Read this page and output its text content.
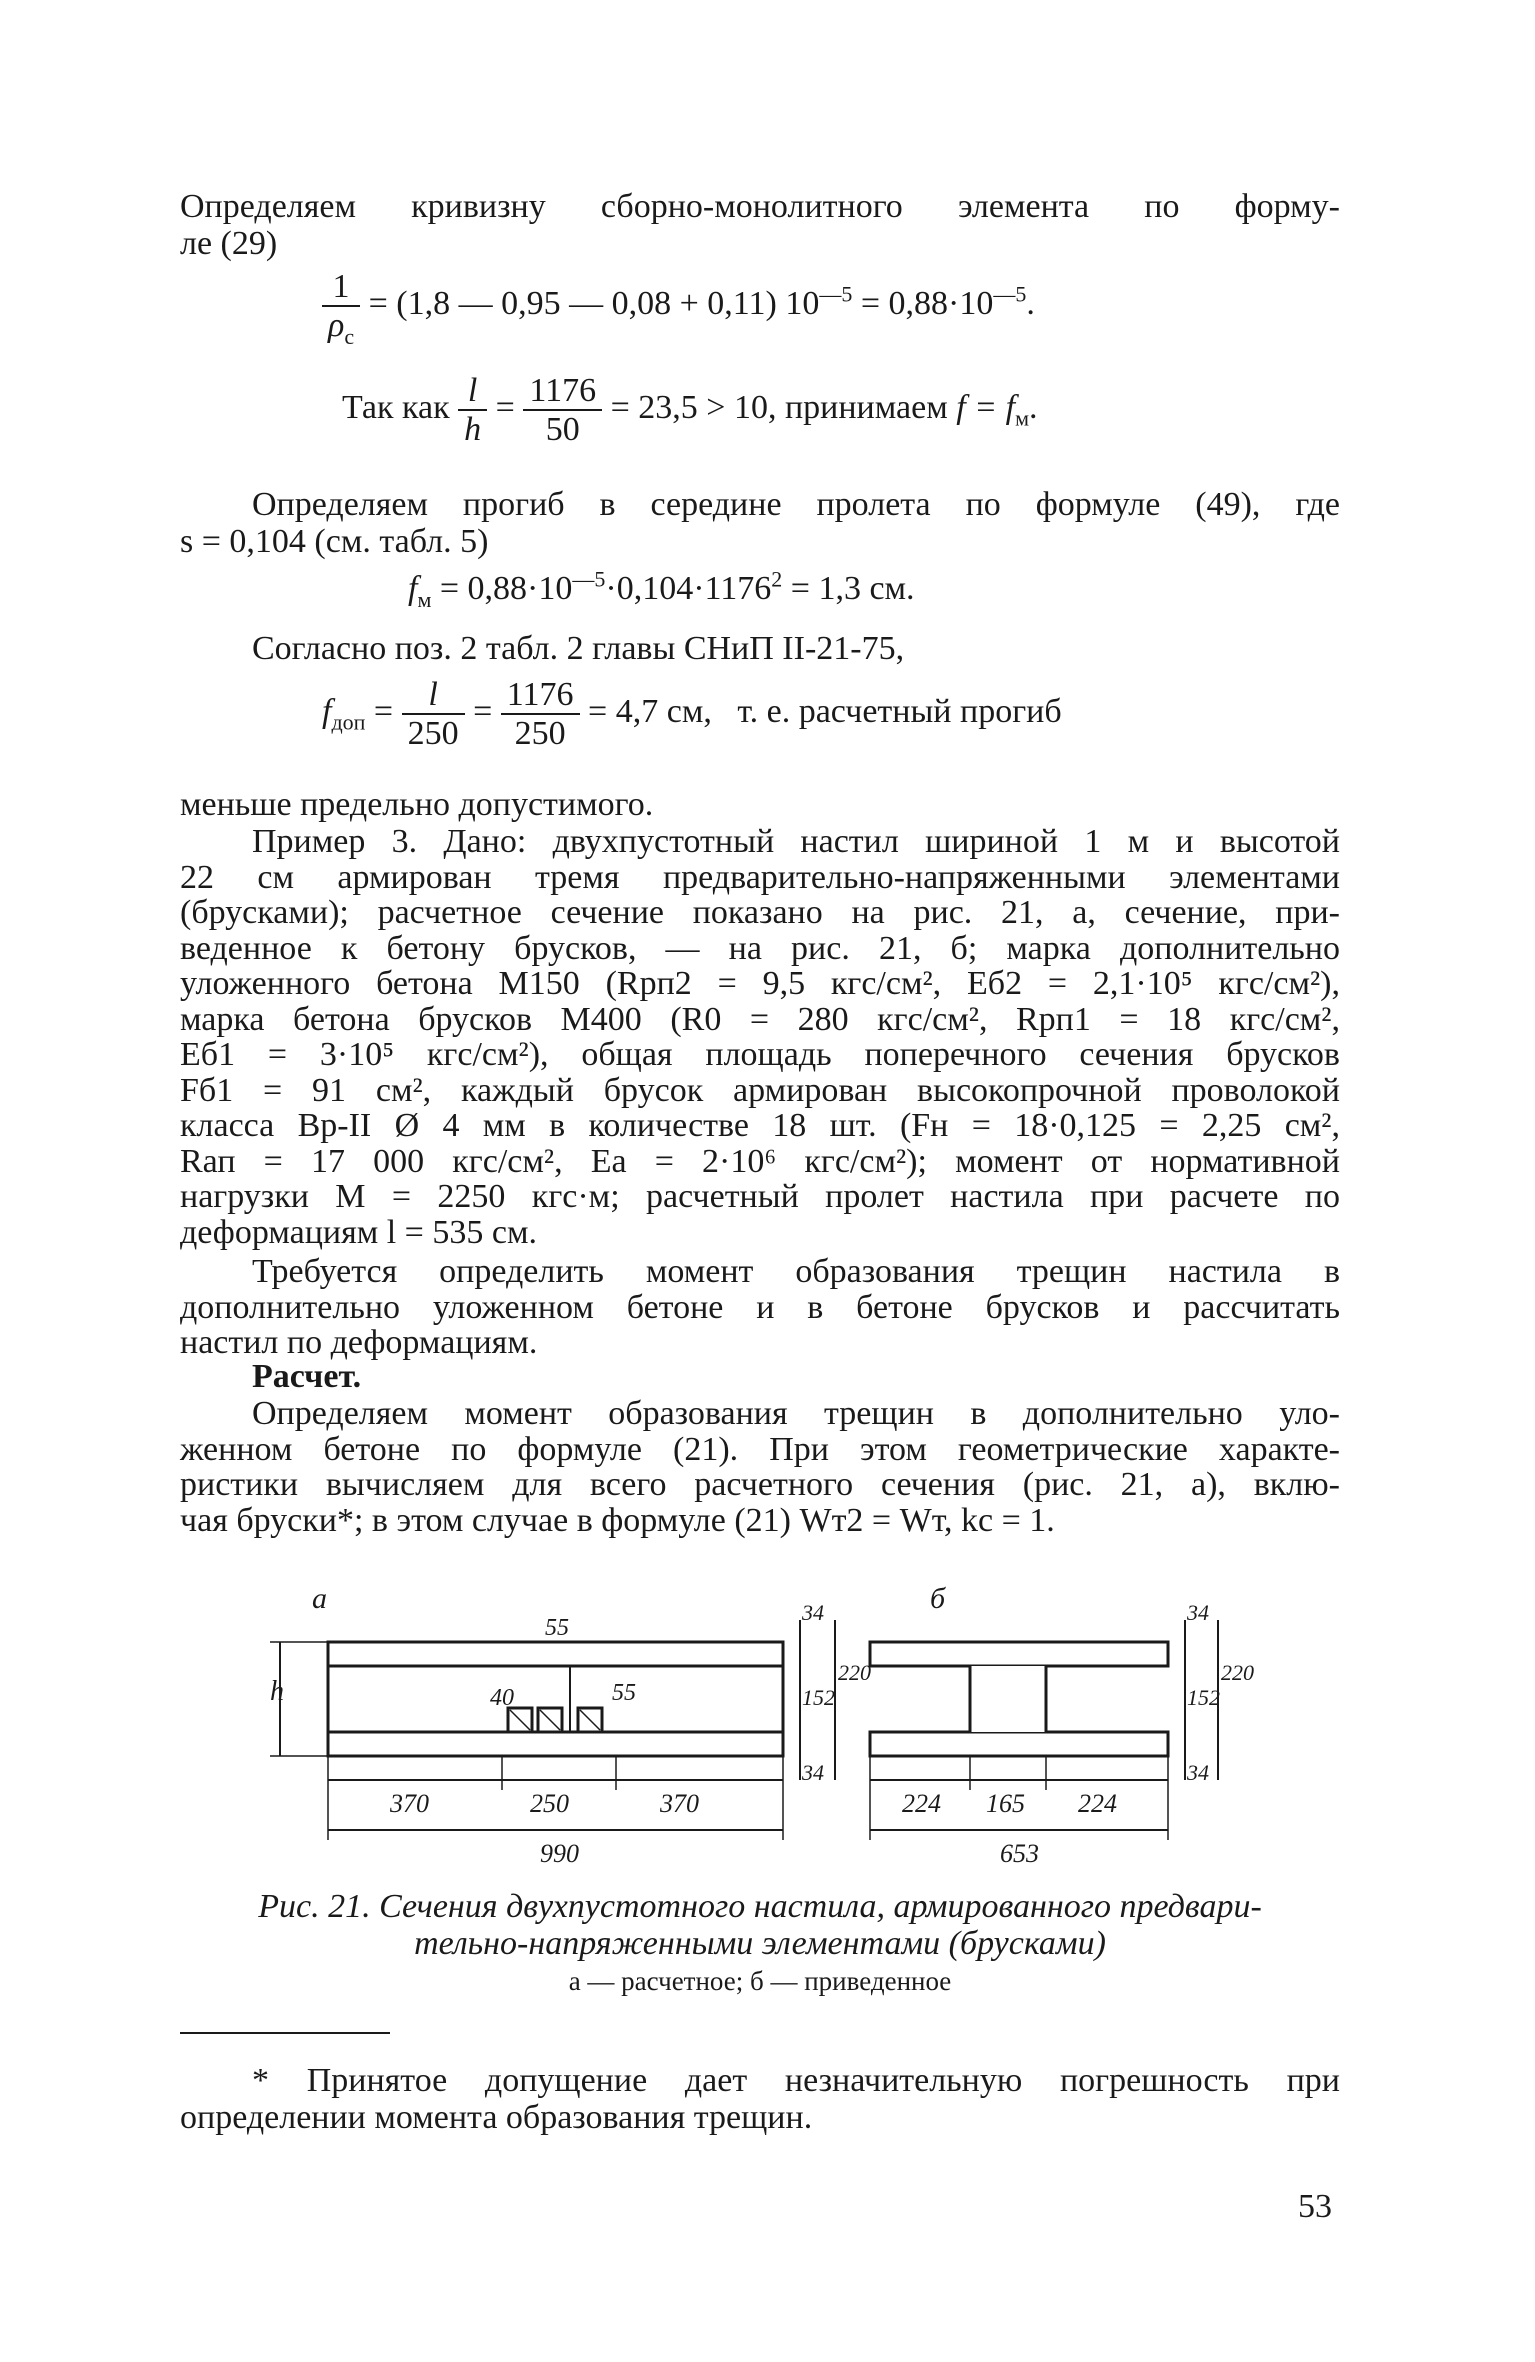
Определяем кривизну сборно-монолитного элемента по форму-
ле (29)
$\frac{1}{\rho_с} = (1,8$ — 0,95 — 0,08 + 0,11) $10^{—5} = 0,88\cdot 10^{—5}$.
Так как $\frac{l}{h} = \frac{1176}{50} = 23,5 > 10$, принимаем $f = f_м$.
Определяем прогиб в середине пролета по формуле (49), где
s = 0,104 (см. табл. 5)
$f_м = 0,88\cdot 10^{—5}\cdot 0,104\cdot 1176^2 = 1,3$ см.
Согласно поз. 2 табл. 2 главы СНиП II-21-75,
$f_{доп} = \frac{l}{250} = \frac{1176}{250} = 4,7$ см, т. е. расчетный прогиб
меньше предельно допустимого.
Пример 3. Дано: двухпустотный настил шириной 1 м и высотой
22 см армирован тремя предварительно-напряженными элементами
(брусками); расчетное сечение показано на рис. 21, а, сечение, при-
веденное к бетону брусков, — на рис. 21, б; марка дополнительно
уложенного бетона М150 (Rрп2 = 9,5 кгс/см², Еб2 = 2,1·10⁵ кгс/см²),
марка бетона брусков М400 (R0 = 280 кгс/см², Rрп1 = 18 кгс/см²,
Еб1 = 3·10⁵ кгс/см²), общая площадь поперечного сечения брусков
Fб1 = 91 см², каждый брусок армирован высокопрочной проволокой
класса Вр-II Ø 4 мм в количестве 18 шт. (Fн = 18·0,125 = 2,25 см²,
Rап = 17 000 кгс/см², Еа = 2·10⁶ кгс/см²); момент от нормативной
нагрузки M = 2250 кгс·м; расчетный пролет настила при расчете по
деформациям l = 535 см.
Требуется определить момент образования трещин настила в
дополнительно уложенном бетоне и в бетоне брусков и рассчитать
настил по деформациям.
Расчет.
Определяем момент образования трещин в дополнительно уло-
женном бетоне по формуле (21). При этом геометрические характе-
ристики вычисляем для всего расчетного сечения (рис. 21, а), вклю-
чая бруски*; в этом случае в формуле (21) Wт2 = Wт, kс = 1.
а	б
h
370	250	370
990
55
40	55
34
152
220
34
224 165 224
653
34
152
220
34
Рис. 21. Сечения двухпустотного настила, армированного предвари-
тельно-напряженными элементами (брусками)
а — расчетное; б — приведенное
* Принятое допущение дает незначительную погрешность при
определении момента образования трещин.
53
